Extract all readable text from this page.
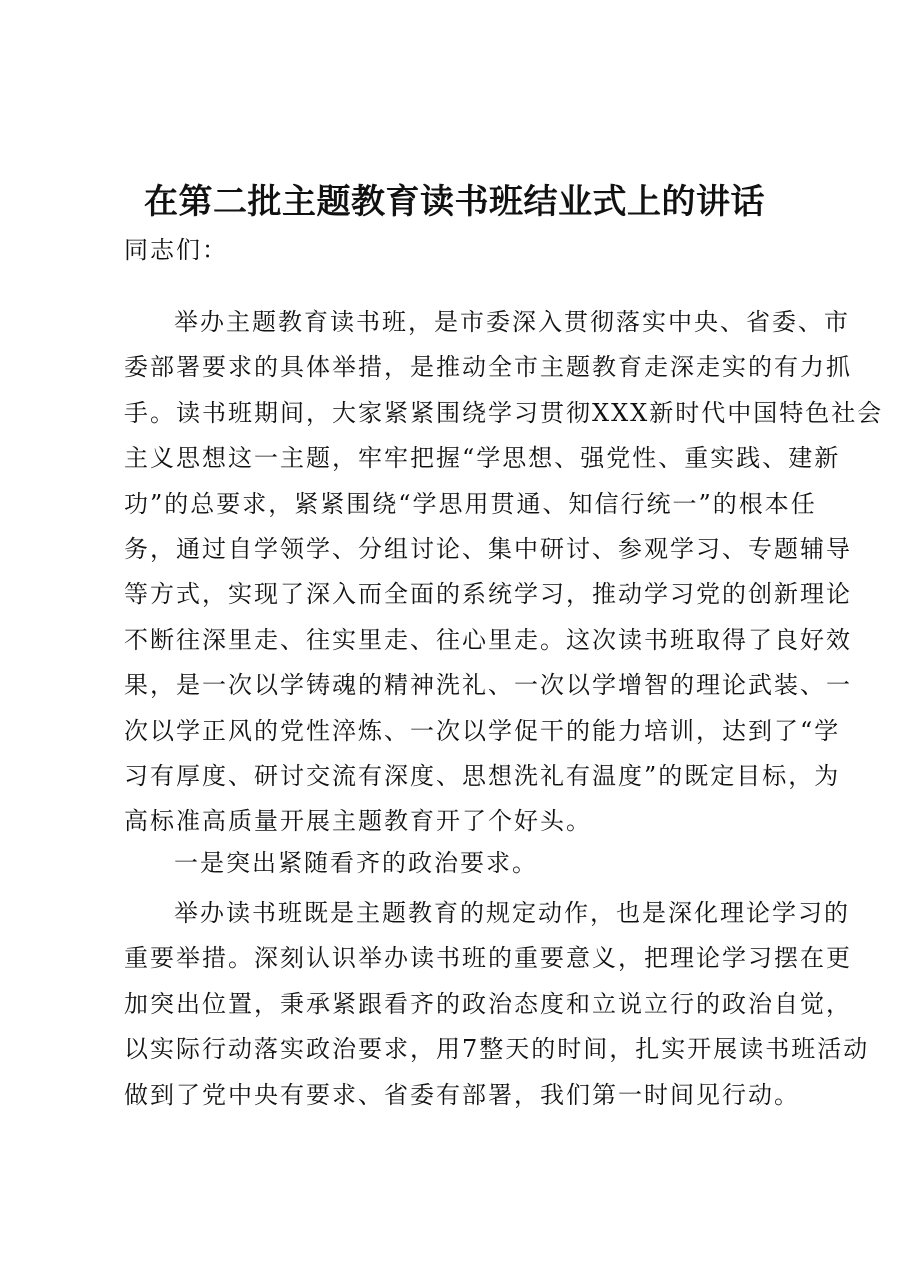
在第二批主题教育读书班结业式上的讲话
同志们：
举办主题教育读书班，是市委深入贯彻落实中央、省委、市
委部署要求的具体举措，是推动全市主题教育走深走实的有力抓
手。读书班期间，大家紧紧围绕学习贯彻XXX新时代中国特色社会
主义思想这一主题，牢牢把握“学思想、强党性、重实践、建新
功”的总要求，紧紧围绕“学思用贯通、知信行统一”的根本任
务，通过自学领学、分组讨论、集中研讨、参观学习、专题辅导
等方式，实现了深入而全面的系统学习，推动学习党的创新理论
不断往深里走、往实里走、往心里走。这次读书班取得了良好效
果，是一次以学铸魂的精神洗礼、一次以学增智的理论武装、一
次以学正风的党性淬炼、一次以学促干的能力培训，达到了“学
习有厚度、研讨交流有深度、思想洗礼有温度”的既定目标，为
高标准高质量开展主题教育开了个好头。
一是突出紧随看齐的政治要求。
举办读书班既是主题教育的规定动作，也是深化理论学习的
重要举措。深刻认识举办读书班的重要意义，把理论学习摆在更
加突出位置，秉承紧跟看齐的政治态度和立说立行的政治自觉，
以实际行动落实政治要求，用7整天的时间，扎实开展读书班活动
做到了党中央有要求、省委有部署，我们第一时间见行动。
